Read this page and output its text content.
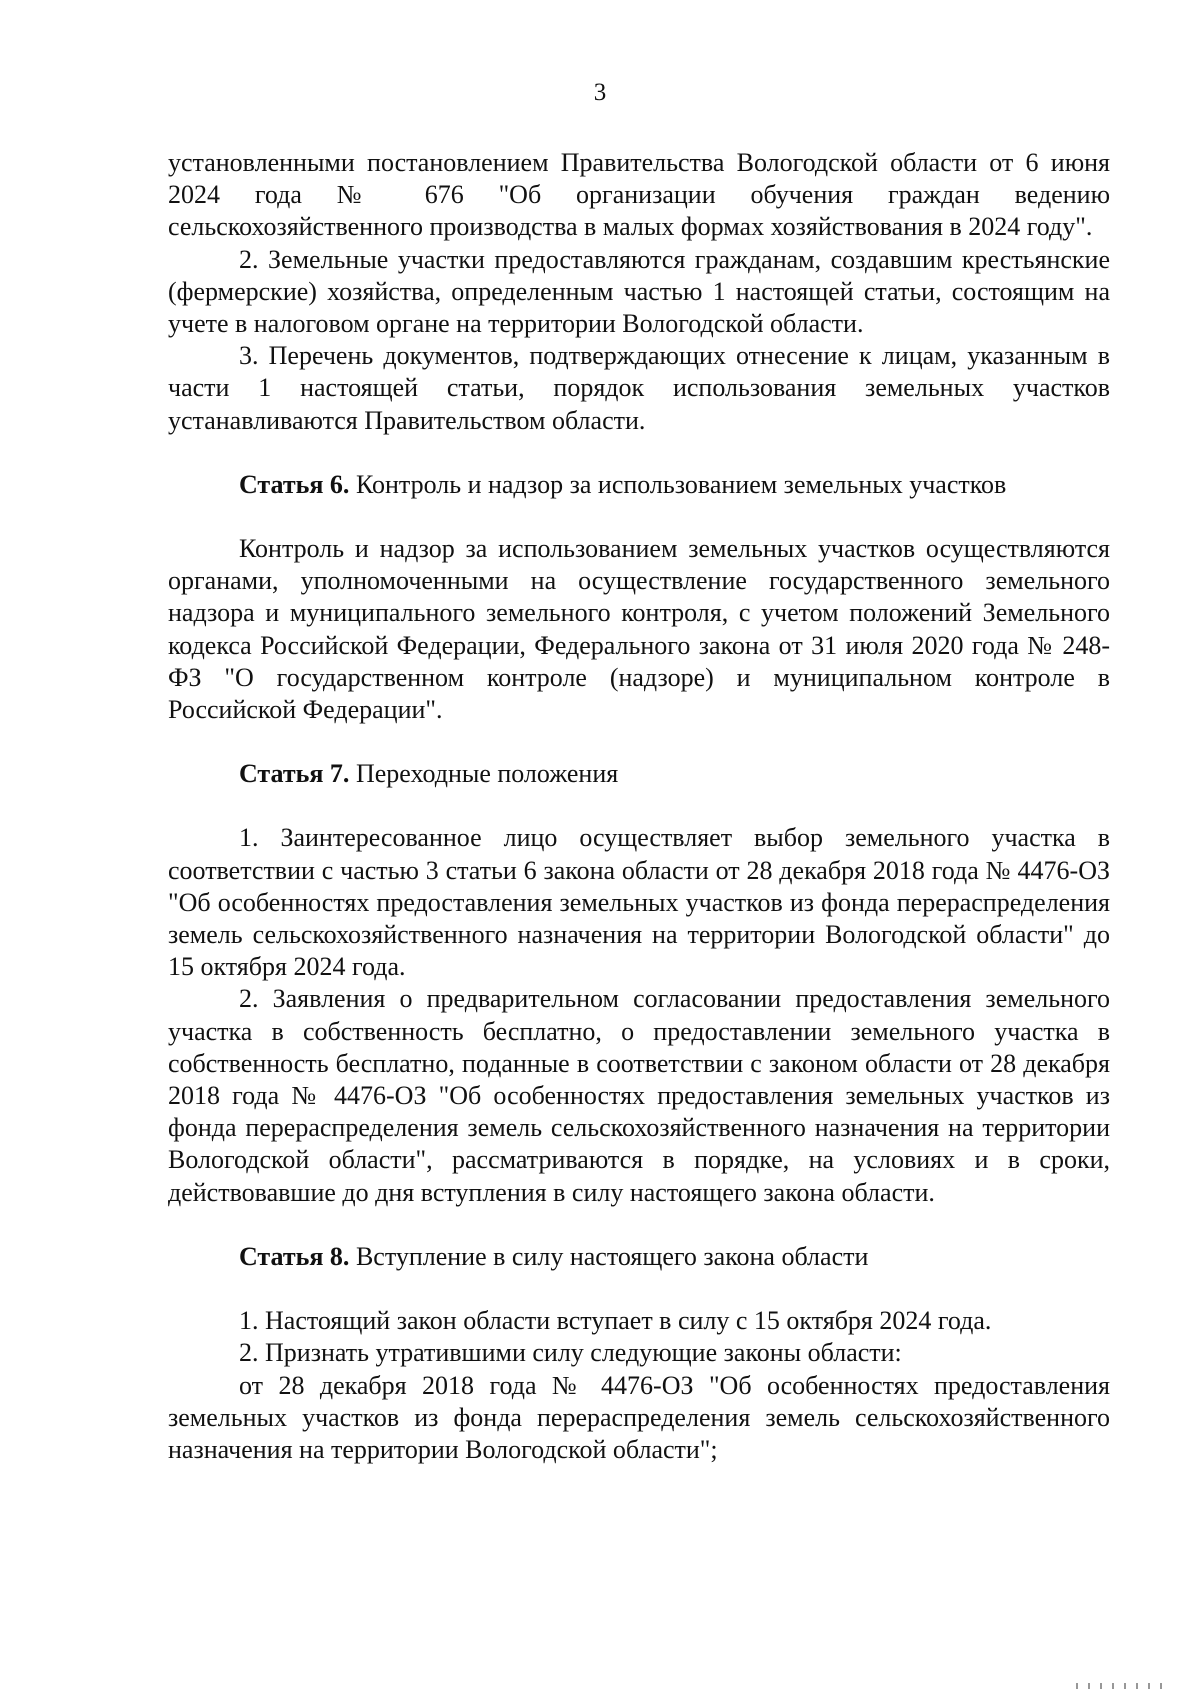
3

установленными постановлением Правительства Вологодской области от 6 июня 2024 года № 676 "Об организации обучения граждан ведению сельскохозяйственного производства в малых формах хозяйствования в 2024 году".

2. Земельные участки предоставляются гражданам, создавшим крестьянские (фермерские) хозяйства, определенным частью 1 настоящей статьи, состоящим на учете в налоговом органе на территории Вологодской области.

3. Перечень документов, подтверждающих отнесение к лицам, указанным в части 1 настоящей статьи, порядок использования земельных участков устанавливаются Правительством области.

Статья 6. Контроль и надзор за использованием земельных участков

Контроль и надзор за использованием земельных участков осуществляются органами, уполномоченными на осуществление государственного земельного надзора и муниципального земельного контроля, с учетом положений Земельного кодекса Российской Федерации, Федерального закона от 31 июля 2020 года № 248-ФЗ "О государственном контроле (надзоре) и муниципальном контроле в Российской Федерации".

Статья 7. Переходные положения

1. Заинтересованное лицо осуществляет выбор земельного участка в соответствии с частью 3 статьи 6 закона области от 28 декабря 2018 года № 4476-ОЗ "Об особенностях предоставления земельных участков из фонда перераспределения земель сельскохозяйственного назначения на территории Вологодской области" до 15 октября 2024 года.

2. Заявления о предварительном согласовании предоставления земельного участка в собственность бесплатно, о предоставлении земельного участка в собственность бесплатно, поданные в соответствии с законом области от 28 декабря 2018 года № 4476-ОЗ "Об особенностях предоставления земельных участков из фонда перераспределения земель сельскохозяйственного назначения на территории Вологодской области", рассматриваются в порядке, на условиях и в сроки, действовавшие до дня вступления в силу настоящего закона области.

Статья 8. Вступление в силу настоящего закона области

1. Настоящий закон области вступает в силу с 15 октября 2024 года.

2. Признать утратившими силу следующие законы области:

от 28 декабря 2018 года № 4476-ОЗ "Об особенностях предоставления земельных участков из фонда перераспределения земель сельскохозяйственного назначения на территории Вологодской области";
